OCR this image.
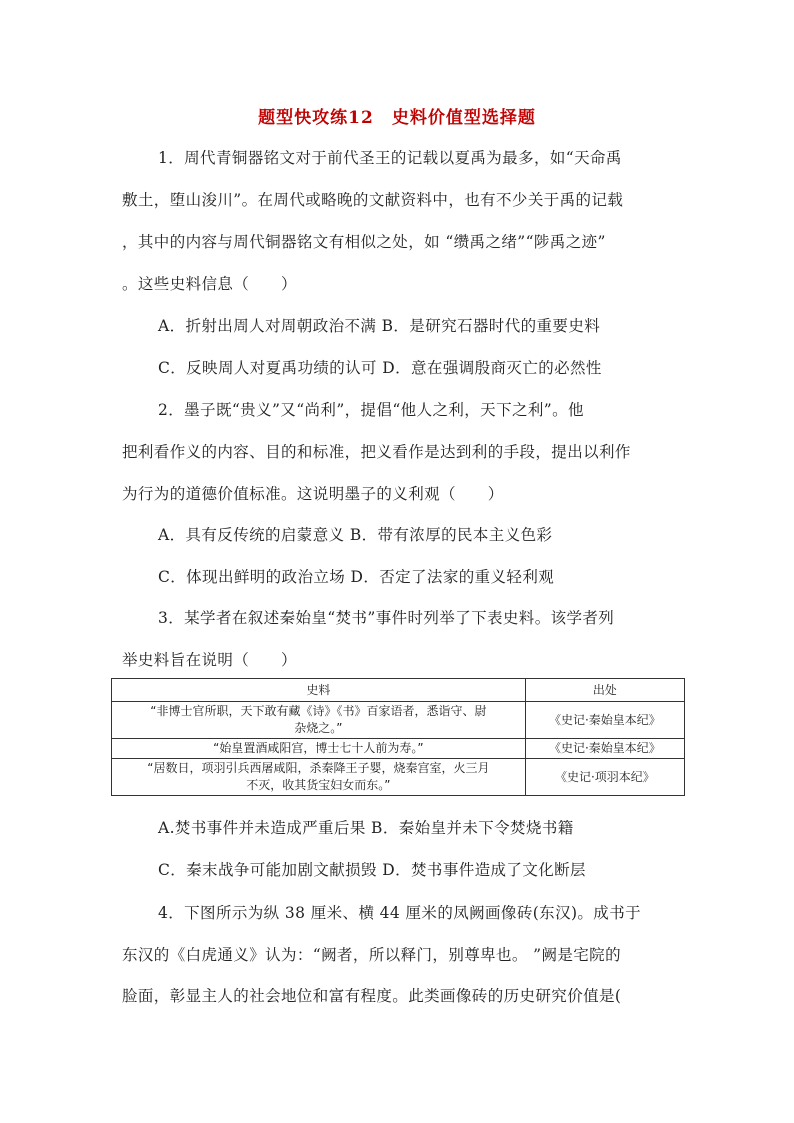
题型快攻练12　史料价值型选择题
1．周代青铜器铭文对于前代圣王的记载以夏禹为最多，如“天命禹
敷土，堕山浚川”。在周代或略晚的文献资料中，也有不少关于禹的记载
，其中的内容与周代铜器铭文有相似之处，如 “缵禹之绪”“陟禹之迹”
。这些史料信息（　　）
A．折射出周人对周朝政治不满 B．是研究石器时代的重要史料
C．反映周人对夏禹功绩的认可 D．意在强调殷商灭亡的必然性
2．墨子既“贵义”又“尚利”，提倡“他人之利，天下之利”。他
把利看作义的内容、目的和标准，把义看作是达到利的手段，提出以利作
为行为的道德价值标准。这说明墨子的义利观（　　）
A．具有反传统的启蒙意义 B．带有浓厚的民本主义色彩
C．体现出鲜明的政治立场 D．否定了法家的重义轻利观
3．某学者在叙述秦始皇“焚书”事件时列举了下表史料。该学者列
举史料旨在说明（　　）
史料	出处

“非博士官所职，天下敢有藏《诗》《书》百家语者，悉诣守、尉
杂烧之。”	《史记·秦始皇本纪》
“始皇置酒咸阳宫，博士七十人前为寿。”	《史记·秦始皇本纪》

“居数日，项羽引兵西屠咸阳，杀秦降王子婴，烧秦宫室，火三月
不灭，收其货宝妇女而东。”	《史记·项羽本纪》
A.焚书事件并未造成严重后果 B．秦始皇并未下令焚烧书籍
C．秦末战争可能加剧文献损毁 D．焚书事件造成了文化断层
4．下图所示为纵 38 厘米、横 44 厘米的凤阙画像砖(东汉)。成书于
东汉的《白虎通义》认为：“阙者，所以释门，别尊卑也。 ”阙是宅院的
脸面，彰显主人的社会地位和富有程度。此类画像砖的历史研究价值是(
